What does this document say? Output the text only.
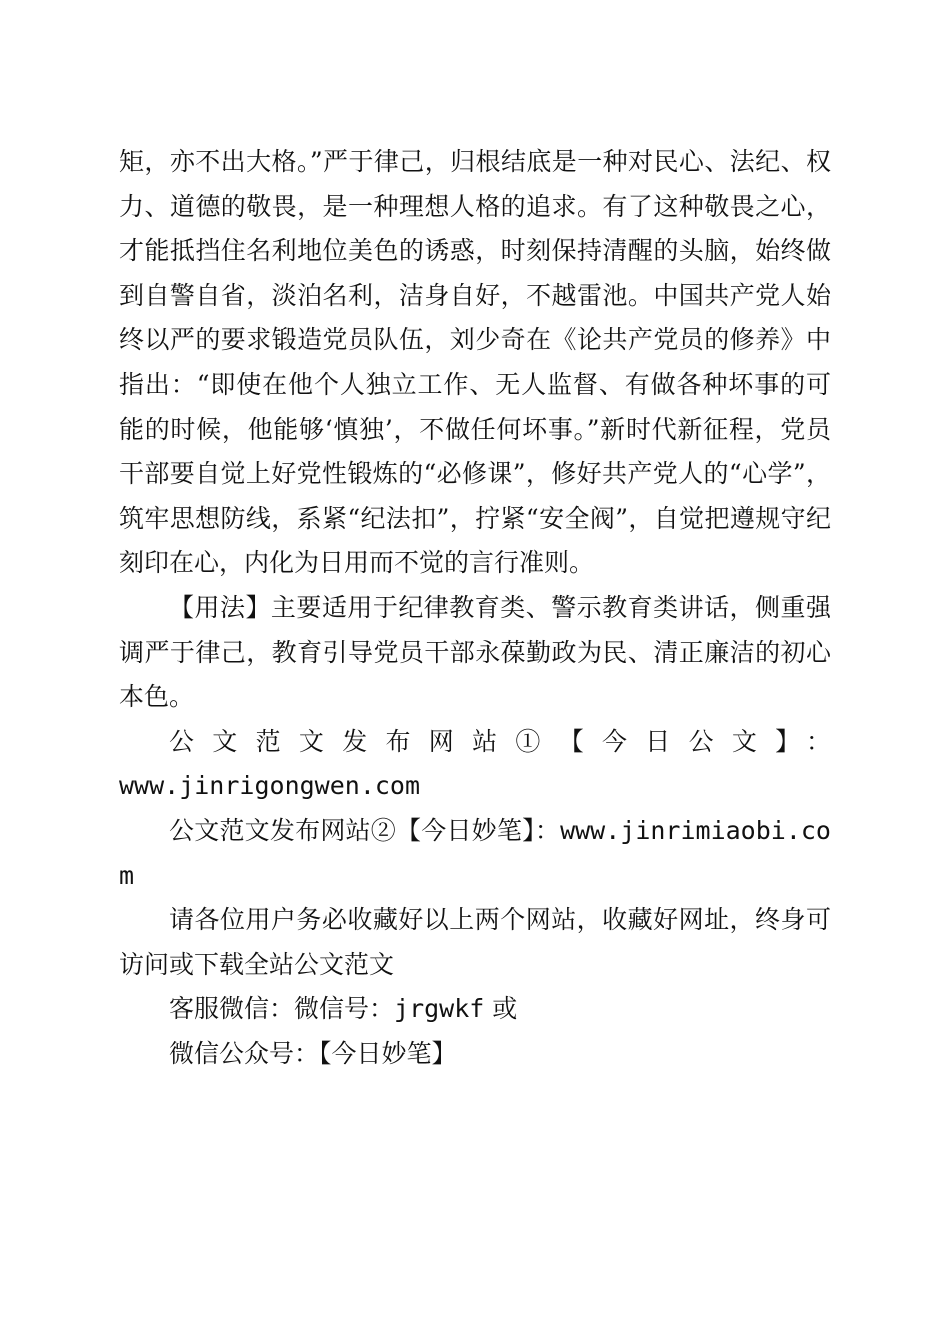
矩，亦不出大格。”严于律己，归根结底是一种对民心、法纪、权力、道德的敬畏，是一种理想人格的追求。有了这种敬畏之心，才能抵挡住名利地位美色的诱惑，时刻保持清醒的头脑，始终做到自警自省，淡泊名利，洁身自好，不越雷池。中国共产党人始终以严的要求锻造党员队伍，刘少奇在《论共产党员的修养》中指出：“即使在他个人独立工作、无人监督、有做各种坏事的可能的时候，他能够‘慎独’，不做任何坏事。”新时代新征程，党员干部要自觉上好党性锻炼的“必修课”，修好共产党人的“心学”，筑牢思想防线，系紧“纪法扣”，拧紧“安全阀”，自觉把遵规守纪刻印在心，内化为日用而不觉的言行准则。

【用法】主要适用于纪律教育类、警示教育类讲话，侧重强调严于律己，教育引导党员干部永葆勤政为民、清正廉洁的初心本色。

公文范文发布网站①【今日公文】：

www.jinrigongwen.com

公文范文发布网站②【今日妙笔】：www.jinrimiaobi.com

请各位用户务必收藏好以上两个网站，收藏好网址，终身可访问或下载全站公文范文

客服微信：微信号：jrgwkf 或

微信公众号：【今日妙笔】
